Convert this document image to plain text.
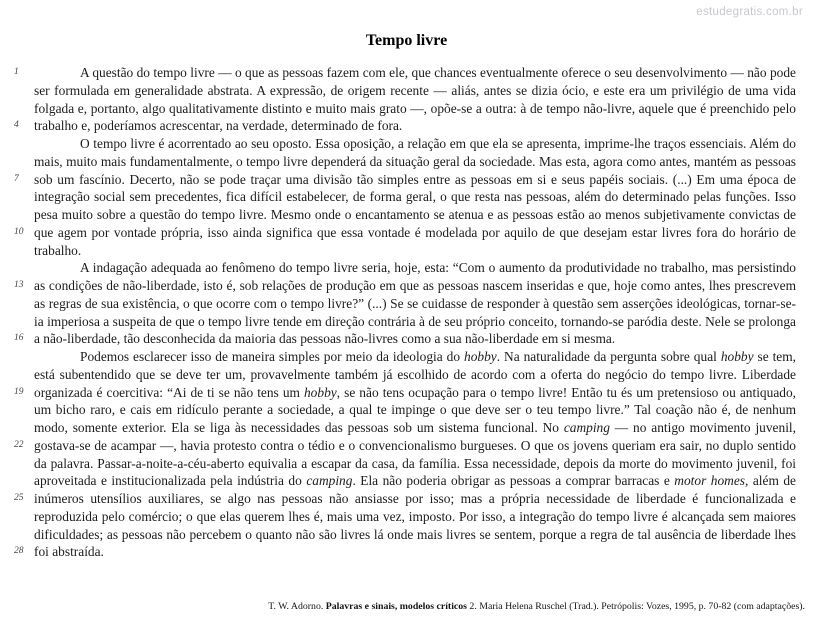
estudegratis.com.br
Tempo livre
1
4
7
10
13
16
19
22
25
28

A questão do tempo livre — o que as pessoas fazem com ele, que chances eventualmente oferece o seu desenvolvimento — não pode ser formulada em generalidade abstrata. A expressão, de origem recente — aliás, antes se dizia ócio, e este era um privilégio de uma vida folgada e, portanto, algo qualitativamente distinto e muito mais grato —, opõe-se a outra: à de tempo não-livre, aquele que é preenchido pelo trabalho e, poderíamos acrescentar, na verdade, determinado de fora.

O tempo livre é acorrentado ao seu oposto. Essa oposição, a relação em que ela se apresenta, imprime-lhe traços essenciais. Além do mais, muito mais fundamentalmente, o tempo livre dependerá da situação geral da sociedade. Mas esta, agora como antes, mantém as pessoas sob um fascínio. Decerto, não se pode traçar uma divisão tão simples entre as pessoas em si e seus papéis sociais. (...) Em uma época de integração social sem precedentes, fica difícil estabelecer, de forma geral, o que resta nas pessoas, além do determinado pelas funções. Isso pesa muito sobre a questão do tempo livre. Mesmo onde o encantamento se atenua e as pessoas estão ao menos subjetivamente convictas de que agem por vontade própria, isso ainda significa que essa vontade é modelada por aquilo de que desejam estar livres fora do horário de trabalho.

A indagação adequada ao fenômeno do tempo livre seria, hoje, esta: “Com o aumento da produtividade no trabalho, mas persistindo as condições de não-liberdade, isto é, sob relações de produção em que as pessoas nascem inseridas e que, hoje como antes, lhes prescrevem as regras de sua existência, o que ocorre com o tempo livre?” (...) Se se cuidasse de responder à questão sem asserções ideológicas, tornar-se-ia imperiosa a suspeita de que o tempo livre tende em direção contrária à de seu próprio conceito, tornando-se paródia deste. Nele se prolonga a não-liberdade, tão desconhecida da maioria das pessoas não-livres como a sua não-liberdade em si mesma.

Podemos esclarecer isso de maneira simples por meio da ideologia do hobby. Na naturalidade da pergunta sobre qual hobby se tem, está subentendido que se deve ter um, provavelmente também já escolhido de acordo com a oferta do negócio do tempo livre. Liberdade organizada é coercitiva: “Ai de ti se não tens um hobby, se não tens ocupação para o tempo livre! Então tu és um pretensioso ou antiquado, um bicho raro, e cais em ridículo perante a sociedade, a qual te impinge o que deve ser o teu tempo livre.” Tal coação não é, de nenhum modo, somente exterior. Ela se liga às necessidades das pessoas sob um sistema funcional. No camping — no antigo movimento juvenil, gostava-se de acampar —, havia protesto contra o tédio e o convencionalismo burgueses. O que os jovens queriam era sair, no duplo sentido da palavra. Passar-a-noite-a-céu-aberto equivalia a escapar da casa, da família. Essa necessidade, depois da morte do movimento juvenil, foi aproveitada e institucionalizada pela indústria do camping. Ela não poderia obrigar as pessoas a comprar barracas e motor homes, além de inúmeros utensílios auxiliares, se algo nas pessoas não ansiasse por isso; mas a própria necessidade de liberdade é funcionalizada e reproduzida pelo comércio; o que elas querem lhes é, mais uma vez, imposto. Por isso, a integração do tempo livre é alcançada sem maiores dificuldades; as pessoas não percebem o quanto não são livres lá onde mais livres se sentem, porque a regra de tal ausência de liberdade lhes foi abstraída.

T. W. Adorno. Palavras e sinais, modelos críticos 2. Maria Helena Ruschel (Trad.). Petrópolis: Vozes, 1995, p. 70-82 (com adaptações).
